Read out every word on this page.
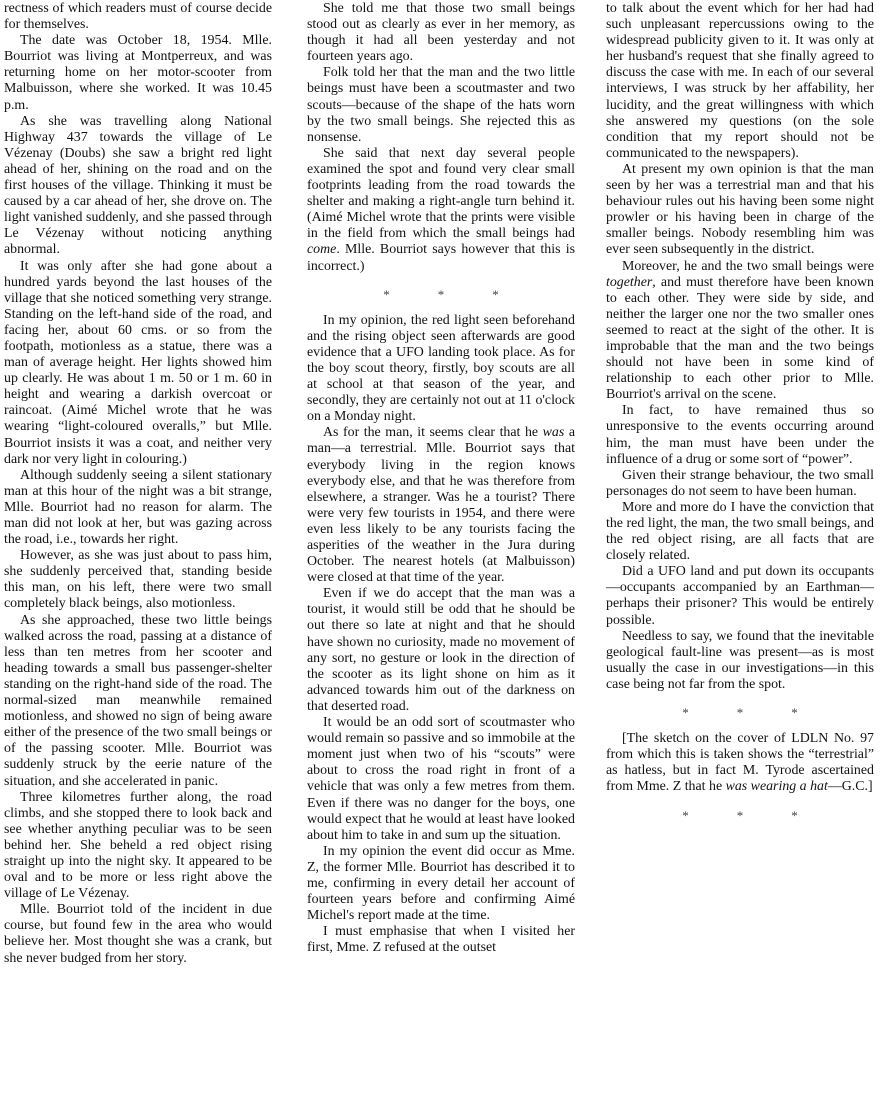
rectness of which readers must of course decide for themselves.

The date was October 18, 1954. Mlle. Bourriot was living at Montperreux, and was returning home on her motor-scooter from Malbuisson, where she worked. It was 10.45 p.m.

As she was travelling along National Highway 437 towards the village of Le Vézenay (Doubs) she saw a bright red light ahead of her, shining on the road and on the first houses of the village. Thinking it must be caused by a car ahead of her, she drove on. The light vanished suddenly, and she passed through Le Vézenay without noticing anything abnormal.

It was only after she had gone about a hundred yards beyond the last houses of the village that she noticed something very strange. Standing on the left-hand side of the road, and facing her, about 60 cms. or so from the footpath, motionless as a statue, there was a man of average height. Her lights showed him up clearly. He was about 1 m. 50 or 1 m. 60 in height and wearing a darkish overcoat or raincoat. (Aimé Michel wrote that he was wearing “light-coloured overalls,” but Mlle. Bourriot insists it was a coat, and neither very dark nor very light in colouring.)

Although suddenly seeing a silent stationary man at this hour of the night was a bit strange, Mlle. Bourriot had no reason for alarm. The man did not look at her, but was gazing across the road, i.e., towards her right.

However, as she was just about to pass him, she suddenly perceived that, standing beside this man, on his left, there were two small completely black beings, also motionless.

As she approached, these two little beings walked across the road, passing at a distance of less than ten metres from her scooter and heading towards a small bus passenger-shelter standing on the right-hand side of the road. The normal-sized man meanwhile remained motionless, and showed no sign of being aware either of the presence of the two small beings or of the passing scooter. Mlle. Bourriot was suddenly struck by the eerie nature of the situation, and she accelerated in panic.

Three kilometres further along, the road climbs, and she stopped there to look back and see whether anything peculiar was to be seen behind her. She beheld a red object rising straight up into the night sky. It appeared to be oval and to be more or less right above the village of Le Vézenay.

Mlle. Bourriot told of the incident in due course, but found few in the area who would believe her. Most thought she was a crank, but she never budged from her story.

She told me that those two small beings stood out as clearly as ever in her memory, as though it had all been yesterday and not fourteen years ago.

Folk told her that the man and the two little beings must have been a scoutmaster and two scouts—because of the shape of the hats worn by the two small beings. She rejected this as nonsense.

She said that next day several people examined the spot and found very clear small footprints leading from the road towards the shelter and making a right-angle turn behind it. (Aimé Michel wrote that the prints were visible in the field from which the small beings had come. Mlle. Bourriot says however that this is incorrect.)

*	*	*

In my opinion, the red light seen beforehand and the rising object seen afterwards are good evidence that a UFO landing took place. As for the boy scout theory, firstly, boy scouts are all at school at that season of the year, and secondly, they are certainly not out at 11 o'clock on a Monday night.

As for the man, it seems clear that he was a man—a terrestrial. Mlle. Bourriot says that everybody living in the region knows everybody else, and that he was therefore from elsewhere, a stranger. Was he a tourist? There were very few tourists in 1954, and there were even less likely to be any tourists facing the asperities of the weather in the Jura during October. The nearest hotels (at Malbuisson) were closed at that time of the year.

Even if we do accept that the man was a tourist, it would still be odd that he should be out there so late at night and that he should have shown no curiosity, made no movement of any sort, no gesture or look in the direction of the scooter as its light shone on him as it advanced towards him out of the darkness on that deserted road.

It would be an odd sort of scoutmaster who would remain so passive and so immobile at the moment just when two of his “scouts” were about to cross the road right in front of a vehicle that was only a few metres from them. Even if there was no danger for the boys, one would expect that he would at least have looked about him to take in and sum up the situation.

In my opinion the event did occur as Mme. Z, the former Mlle. Bourriot has described it to me, confirming in every detail her account of fourteen years before and confirming Aimé Michel's report made at the time.

I must emphasise that when I visited her first, Mme. Z refused at the outset

to talk about the event which for her had had such unpleasant repercussions owing to the widespread publicity given to it. It was only at her husband's request that she finally agreed to discuss the case with me. In each of our several interviews, I was struck by her affability, her lucidity, and the great willingness with which she answered my questions (on the sole condition that my report should not be communicated to the newspapers).

At present my own opinion is that the man seen by her was a terrestrial man and that his behaviour rules out his having been some night prowler or his having been in charge of the smaller beings. Nobody resembling him was ever seen subsequently in the district.

Moreover, he and the two small beings were together, and must therefore have been known to each other. They were side by side, and neither the larger one nor the two smaller ones seemed to react at the sight of the other. It is improbable that the man and the two beings should not have been in some kind of relationship to each other prior to Mlle. Bourriot's arrival on the scene.

In fact, to have remained thus so unresponsive to the events occurring around him, the man must have been under the influence of a drug or some sort of “power”.

Given their strange behaviour, the two small personages do not seem to have been human.

More and more do I have the conviction that the red light, the man, the two small beings, and the red object rising, are all facts that are closely related.

Did a UFO land and put down its occupants—occupants accompanied by an Earthman—perhaps their prisoner? This would be entirely possible.

Needless to say, we found that the inevitable geological fault-line was present—as is most usually the case in our investigations—in this case being not far from the spot.

*	*	*

[The sketch on the cover of LDLN No. 97 from which this is taken shows the “terrestrial” as hatless, but in fact M. Tyrode ascertained from Mme. Z that he was wearing a hat—G.C.]

*	*	*
